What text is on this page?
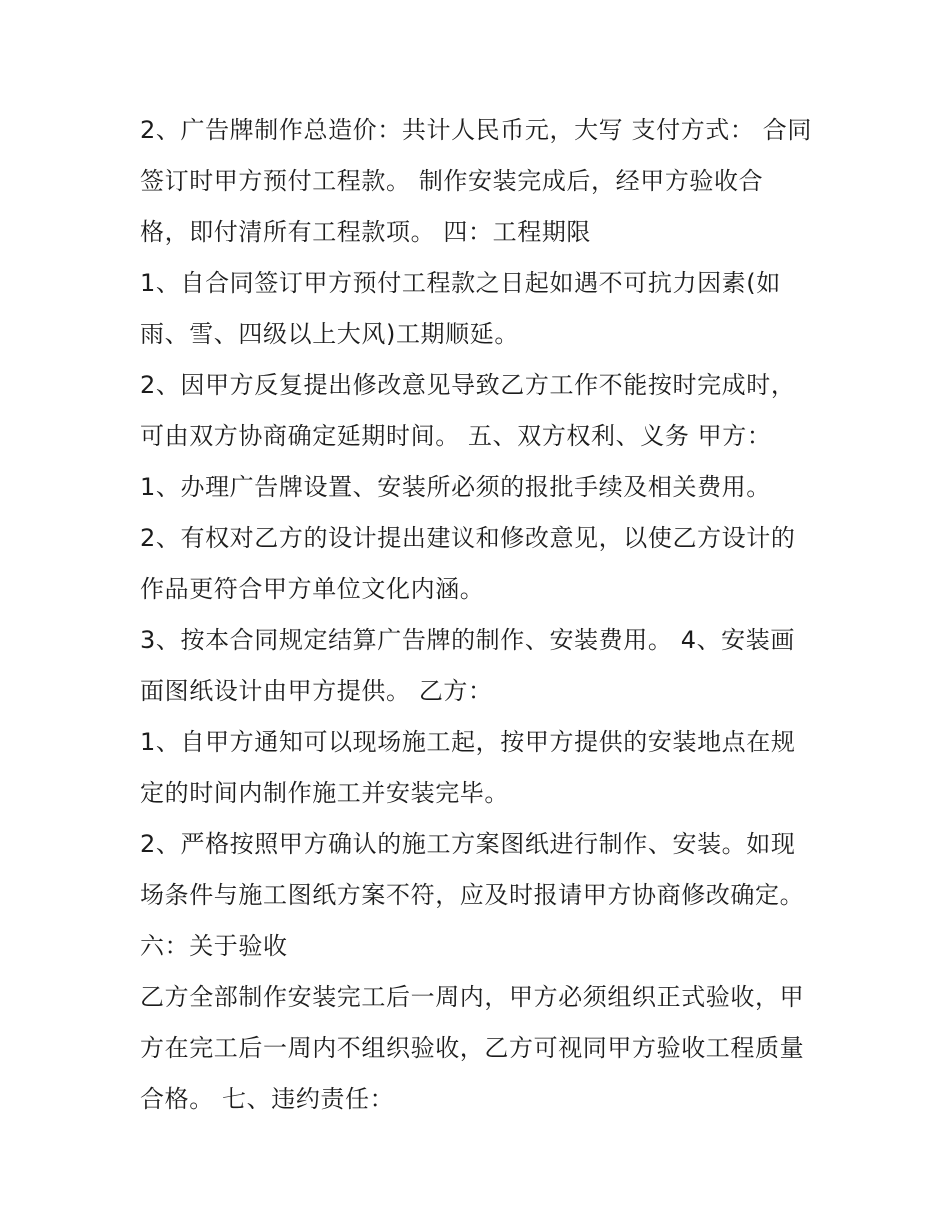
2、广告牌制作总造价：共计人民币元，大写 支付方式： 合同

签订时甲方预付工程款。 制作安装完成后，经甲方验收合

格，即付清所有工程款项。 四：工程期限

1、自合同签订甲方预付工程款之日起如遇不可抗力因素(如

雨、雪、四级以上大风)工期顺延。

2、因甲方反复提出修改意见导致乙方工作不能按时完成时，

可由双方协商确定延期时间。 五、双方权利、义务 甲方：

1、办理广告牌设置、安装所必须的报批手续及相关费用。

2、有权对乙方的设计提出建议和修改意见，以使乙方设计的

作品更符合甲方单位文化内涵。

3、按本合同规定结算广告牌的制作、安装费用。 4、安装画

面图纸设计由甲方提供。 乙方：

1、自甲方通知可以现场施工起，按甲方提供的安装地点在规

定的时间内制作施工并安装完毕。

2、严格按照甲方确认的施工方案图纸进行制作、安装。如现

场条件与施工图纸方案不符，应及时报请甲方协商修改确定。

六：关于验收

乙方全部制作安装完工后一周内，甲方必须组织正式验收，甲

方在完工后一周内不组织验收，乙方可视同甲方验收工程质量

合格。 七、违约责任：
